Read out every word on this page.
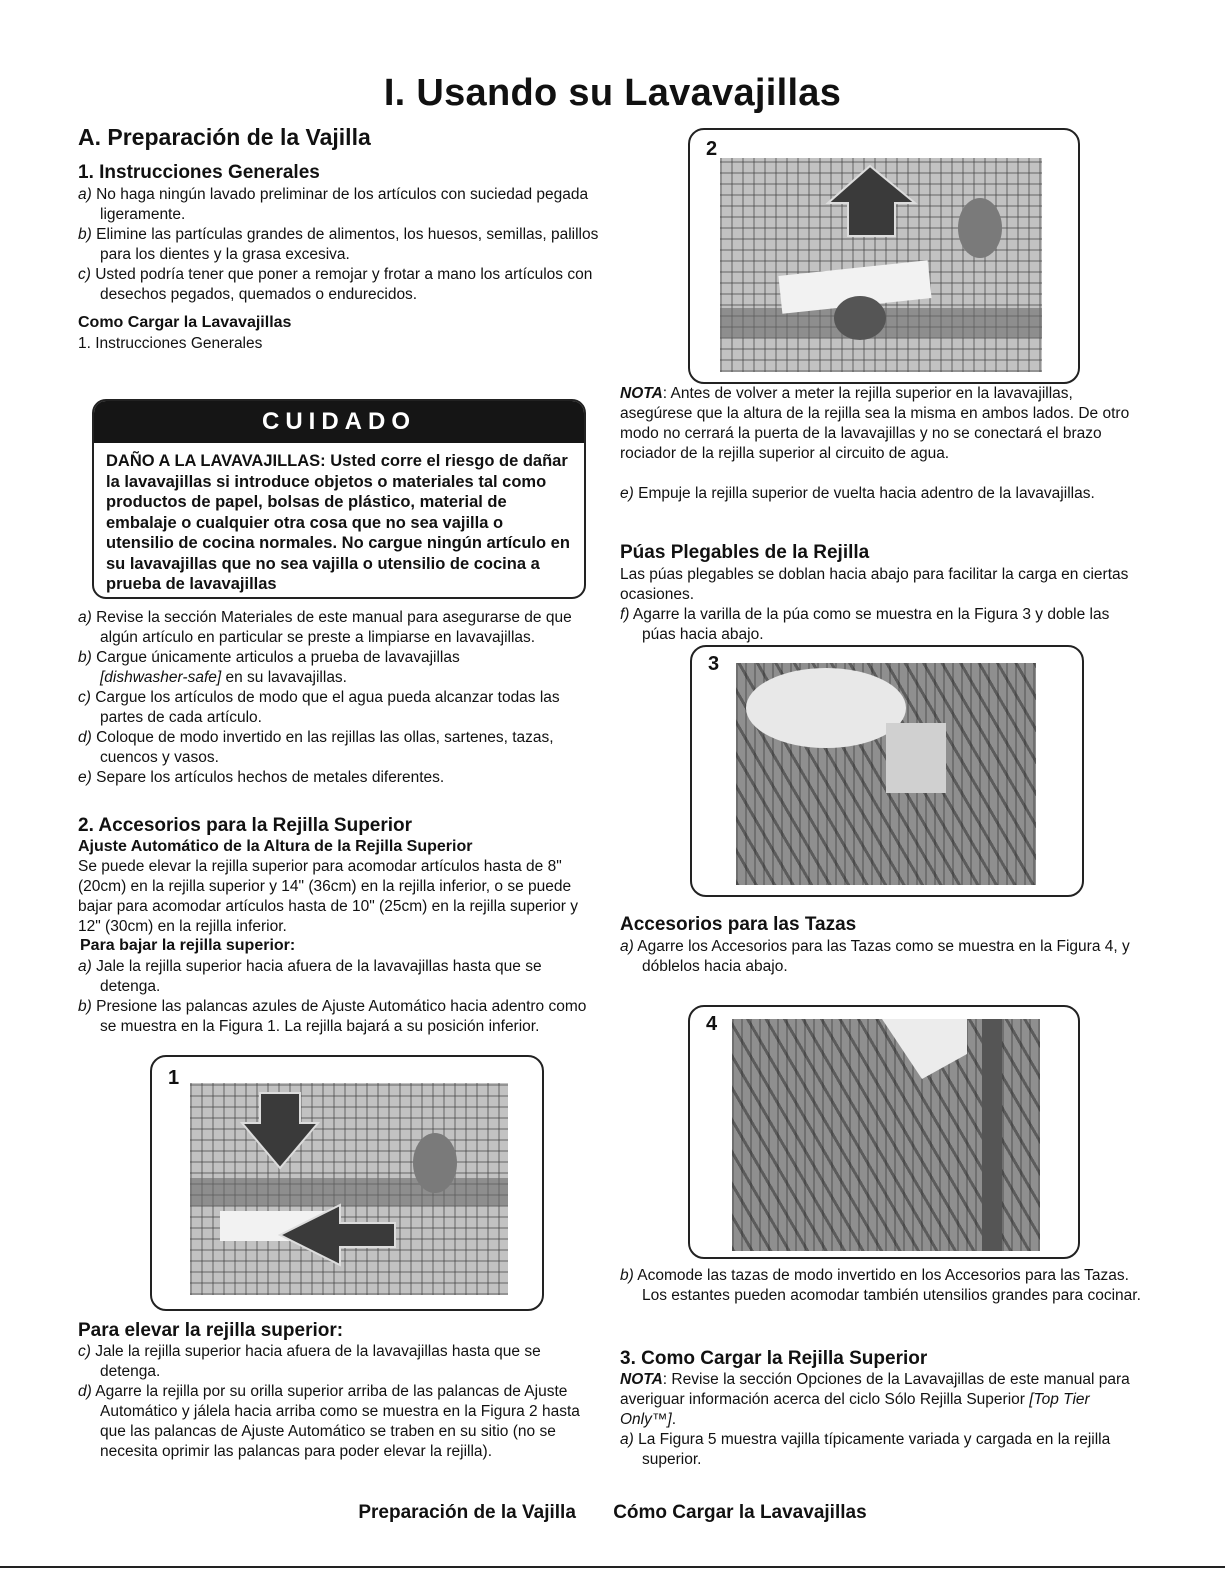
I. Usando su Lavavajillas
A. Preparación de la Vajilla
1. Instrucciones Generales
a) No haga ningún lavado preliminar de los artículos con suciedad pegada ligeramente.
b) Elimine las partículas grandes de alimentos, los huesos, semillas, palillos para los dientes y la grasa excesiva.
c) Usted podría tener que poner a remojar y frotar a mano los artículos con desechos pegados, quemados o endurecidos.
Como Cargar la Lavavajillas
1. Instrucciones Generales
CUIDADO
DAÑO A LA LAVAVAJILLAS: Usted corre el riesgo de dañar la lavavajillas si introduce objetos o materiales tal como productos de papel, bolsas de plástico, material de embalaje o cualquier otra cosa que no sea vajilla o utensilio de cocina normales. No cargue ningún artículo en su lavavajillas que no sea vajilla o utensilio de cocina a prueba de lavavajillas
a) Revise la sección Materiales de este manual para asegurarse de que algún artículo en particular se preste a limpiarse en lavavajillas.
b) Cargue únicamente articulos a prueba de lavavajillas
[dishwasher-safe] en su lavavajillas.
c) Cargue los artículos de modo que el agua pueda alcanzar todas las partes de cada artículo.
d) Coloque de modo invertido en las rejillas las ollas, sartenes, tazas, cuencos y vasos.
e) Separe los artículos hechos de metales diferentes.
2. Accesorios para la Rejilla Superior
Ajuste Automático de la Altura de la Rejilla Superior
Se puede elevar la rejilla superior para acomodar artículos hasta de 8" (20cm) en la rejilla superior y 14" (36cm) en la rejilla inferior, o se puede bajar para acomodar artículos hasta de 10" (25cm) en la rejilla superior y 12" (30cm) en la rejilla inferior.
Para bajar la rejilla superior:
a) Jale la rejilla superior hacia afuera de la lavavajillas hasta que se detenga.
b) Presione las palancas azules de Ajuste Automático hacia adentro como se muestra en la Figura 1. La rejilla bajará a su posición inferior.
1
Para elevar la rejilla superior:
c) Jale la rejilla superior hacia afuera de la lavavajillas hasta que se detenga.
d) Agarre la rejilla por su orilla superior arriba de las palancas de Ajuste Automático y jálela hacia arriba como se muestra en la Figura 2 hasta que las palancas de Ajuste Automático se traben en su sitio (no se necesita oprimir las palancas para poder elevar la rejilla).
2
NOTA: Antes de volver a meter la rejilla superior en la lavavajillas, asegúrese que la altura de la rejilla sea la misma en ambos lados. De otro modo no cerrará la puerta de la lavavajillas y no se conectará el brazo rociador de la rejilla superior al circuito de agua.
e) Empuje la rejilla superior de vuelta hacia adentro de la lavavajillas.
Púas Plegables de la Rejilla
Las púas plegables se doblan hacia abajo para facilitar la carga en ciertas ocasiones.
f) Agarre la varilla de la púa como se muestra en la Figura 3 y doble las púas hacia abajo.
3
Accesorios para las Tazas
a) Agarre los Accesorios para las Tazas como se muestra en la Figura 4, y dóblelos hacia abajo.
4
b) Acomode las tazas de modo invertido en los Accesorios para las Tazas. Los estantes pueden acomodar también utensilios grandes para cocinar.
3. Como Cargar la Rejilla Superior
NOTA: Revise la sección Opciones de la Lavavajillas de este manual para averiguar información acerca del ciclo Sólo Rejilla Superior [Top Tier Only™].
a) La Figura 5 muestra vajilla típicamente variada y cargada en la rejilla superior.
Preparación de la Vajilla Cómo Cargar la Lavavajillas
